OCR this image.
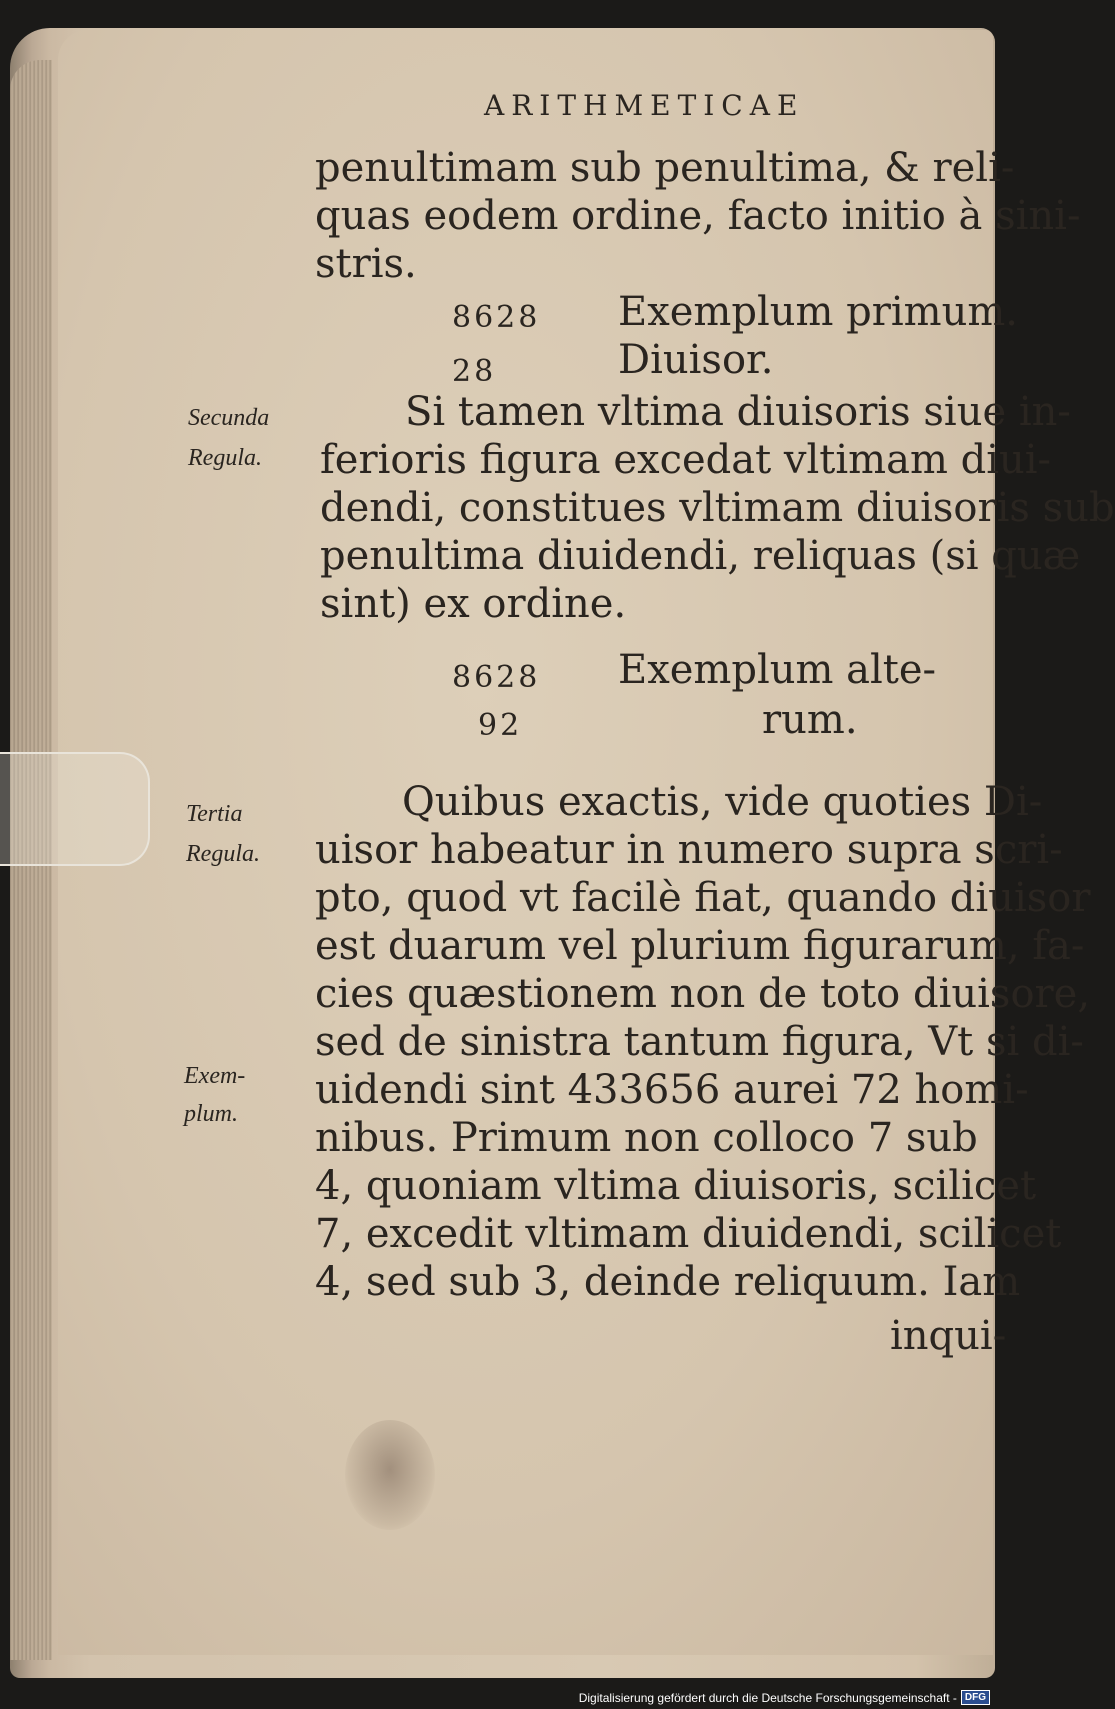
ARITHMETICAE
penultimam sub penultima, & reli-
quas eodem ordine, facto initio à sini-
stris.
8628 Exemplum primum.
28	Diuisor.
Secunda
Regula.
Si tamen vltima diuisoris siue in-
ferioris figura excedat vltimam diui-
dendi, constitues vltimam diuisoris sub
penultima diuidendi, reliquas (si quæ
sint) ex ordine.
8628 Exemplum alte-
92	rum.
Tertia
Regula.
Quibus exactis, vide quoties Di-
uisor habeatur in numero supra scri-
pto, quod vt facilè fiat, quando diuisor
est duarum vel plurium figurarum, fa-
cies quæstionem non de toto diuisore,
sed de sinistra tantum figura, Vt si di-
Exem-
plum.
uidendi sint 433656 aurei 72 homi-
nibus. Primum non colloco 7 sub
4, quoniam vltima diuisoris, scilicet
7, excedit vltimam diuidendi, scilicet
4, sed sub 3, deinde reliquum. Iam
inqui-
Digitalisierung gefördert durch die Deutsche Forschungsgemeinschaft - DFG
